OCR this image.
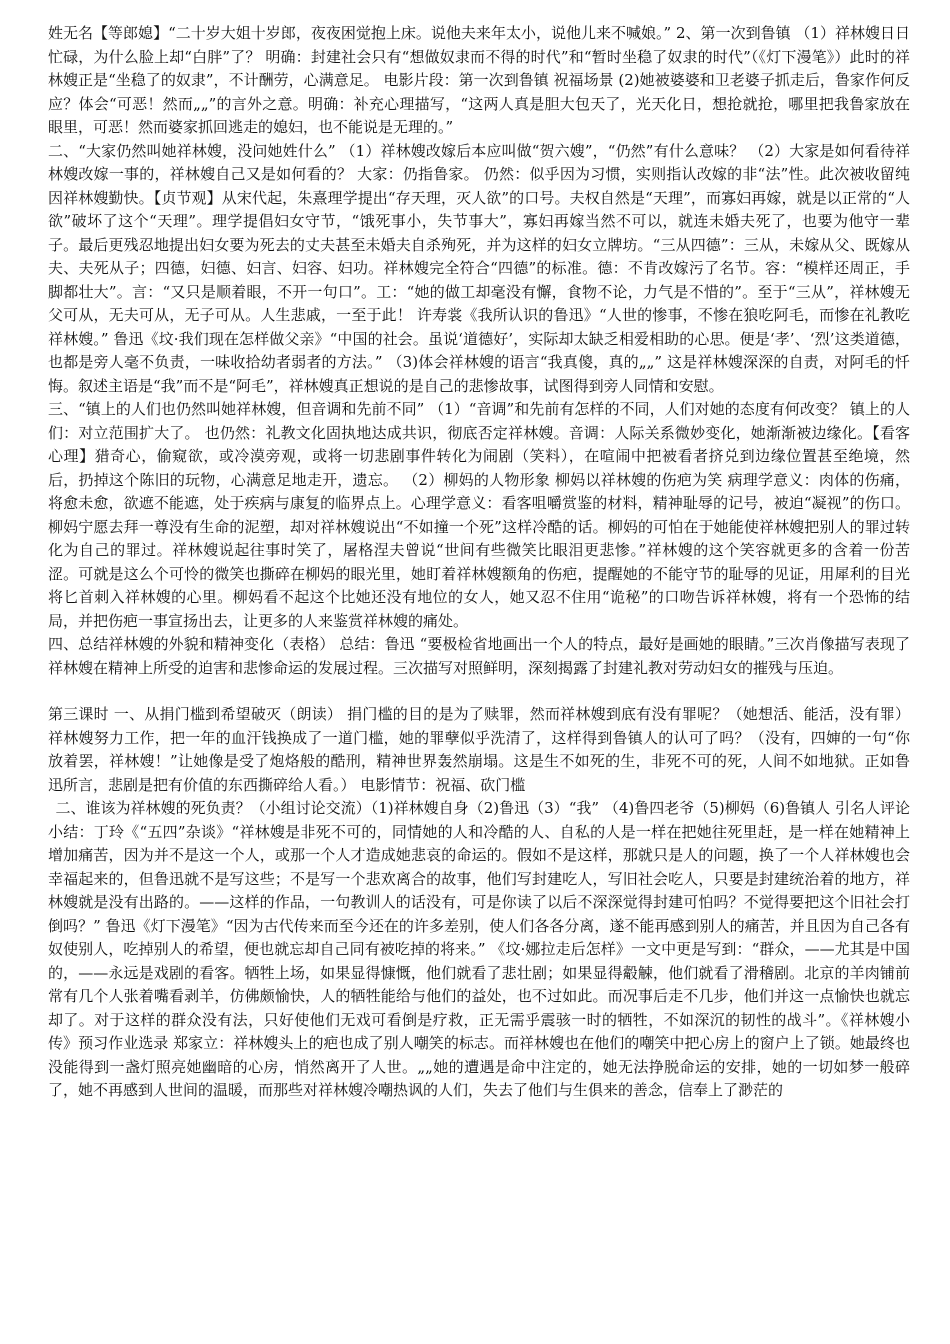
姓无名【等郎媳】“二十岁大姐十岁郎，夜夜困觉抱上床。说他夫来年太小，说他儿来不喊娘。” 2、第一次到鲁镇 （1）祥林嫂日日忙碌，为什么脸上却“白胖”了？ 明确：封建社会只有“想做奴隶而不得的时代”和“暂时坐稳了奴隶的时代”（《灯下漫笔》）此时的祥林嫂正是“坐稳了的奴隶”，不计酬劳，心满意足。 电影片段：第一次到鲁镇 祝福场景 (2)她被婆婆和卫老婆子抓走后，鲁家作何反应？体会“可恶！然而„„”的言外之意。明确：补充心理描写，“这两人真是胆大包天了，光天化日，想抢就抢，哪里把我鲁家放在眼里，可恶！然而婆家抓回逃走的媳妇，也不能说是无理的。”

二、“大家仍然叫她祥林嫂，没问她姓什么” （1）祥林嫂改嫁后本应叫做“贺六嫂”，“仍然”有什么意味？ （2）大家是如何看待祥林嫂改嫁一事的，祥林嫂自己又是如何看的？ 大家：仍指鲁家。 仍然：似乎因为习惯，实则指认改嫁的非“法”性。此次被收留纯因祥林嫂勤快。【贞节观】从宋代起，朱熹理学提出“存天理，灭人欲”的口号。夫权自然是“天理”，而寡妇再嫁，就是以正常的“人欲”破坏了这个“天理”。理学提倡妇女守节，“饿死事小，失节事大”，寡妇再嫁当然不可以，就连未婚夫死了，也要为他守一辈子。最后更残忍地提出妇女要为死去的丈夫甚至未婚夫自杀殉死，并为这样的妇女立牌坊。“三从四德”：三从，未嫁从父、既嫁从夫、夫死从子；四德，妇德、妇言、妇容、妇功。祥林嫂完全符合“四德”的标准。德：不肯改嫁污了名节。容：“模样还周正，手脚都壮大”。言：“又只是顺着眼，不开一句口”。工：“她的做工却毫没有懈，食物不论，力气是不惜的”。至于“三从”，祥林嫂无父可从，无夫可从，无子可从。人生悲戚，一至于此！ 许寿裳《我所认识的鲁迅》“人世的惨事，不惨在狼吃阿毛，而惨在礼教吃祥林嫂。” 鲁迅《坟·我们现在怎样做父亲》“中国的社会。虽说‘道德好’，实际却太缺乏相爱相助的心思。便是‘孝’、‘烈’这类道德，也都是旁人毫不负责，一味收拾幼者弱者的方法。” （3)体会祥林嫂的语言“我真傻，真的„„” 这是祥林嫂深深的自责，对阿毛的忏悔。叙述主语是“我”而不是“阿毛”，祥林嫂真正想说的是自己的悲惨故事，试图得到旁人同情和安慰。

三、“镇上的人们也仍然叫她祥林嫂，但音调和先前不同” （1）“音调”和先前有怎样的不同，人们对她的态度有何改变？ 镇上的人们：对立范围扩大了。 也仍然：礼教文化固执地达成共识，彻底否定祥林嫂。音调：人际关系微妙变化，她渐渐被边缘化。【看客心理】猎奇心，偷窥欲，或冷漠旁观，或将一切悲剧事件转化为闹剧（笑料），在喧闹中把被看者挤兑到边缘位置甚至绝境，然后，扔掉这个陈旧的玩物，心满意足地走开，遗忘。 （2）柳妈的人物形象 柳妈以祥林嫂的伤疤为笑 病理学意义：肉体的伤痛，将愈未愈，欲遮不能遮，处于疾病与康复的临界点上。心理学意义：看客咀嚼赏鉴的材料，精神耻辱的记号，被迫“凝视”的伤口。 柳妈宁愿去拜一尊没有生命的泥塑，却对祥林嫂说出“不如撞一个死”这样冷酷的话。柳妈的可怕在于她能使祥林嫂把别人的罪过转化为自己的罪过。祥林嫂说起往事时笑了，屠格涅夫曾说“世间有些微笑比眼泪更悲惨。”祥林嫂的这个笑容就更多的含着一份苦涩。可就是这么个可怜的微笑也撕碎在柳妈的眼光里，她盯着祥林嫂额角的伤疤，提醒她的不能守节的耻辱的见证，用犀利的目光将匕首刺入祥林嫂的心里。柳妈看不起这个比她还没有地位的女人，她又忍不住用“诡秘”的口吻告诉祥林嫂，将有一个恐怖的结局，并把伤疤一事宣扬出去，让更多的人来鉴赏祥林嫂的痛处。

四、总结祥林嫂的外貌和精神变化（表格） 总结：鲁迅 “要极检省地画出一个人的特点，最好是画她的眼睛。”三次肖像描写表现了祥林嫂在精神上所受的迫害和悲惨命运的发展过程。三次描写对照鲜明，深刻揭露了封建礼教对劳动妇女的摧残与压迫。

第三课时 一、从捐门槛到希望破灭（朗读） 捐门槛的目的是为了赎罪，然而祥林嫂到底有没有罪呢？（她想活、能活，没有罪）祥林嫂努力工作，把一年的血汗钱换成了一道门槛，她的罪孽似乎洗清了，这样得到鲁镇人的认可了吗？（没有，四婶的一句“你放着罢，祥林嫂！”让她像是受了炮烙般的酷刑，精神世界轰然崩塌。这是生不如死的生，非死不可的死，人间不如地狱。正如鲁迅所言，悲剧是把有价值的东西撕碎给人看。） 电影情节：祝福、砍门槛

二、谁该为祥林嫂的死负责？（小组讨论交流）（1)祥林嫂自身（2)鲁迅（3）“我” （4)鲁四老爷（5)柳妈（6)鲁镇人 引名人评论小结：丁玲《“五四”杂谈》“祥林嫂是非死不可的，同情她的人和冷酷的人、自私的人是一样在把她往死里赶，是一样在她精神上增加痛苦，因为并不是这一个人，或那一个人才造成她悲哀的命运的。假如不是这样，那就只是人的问题，换了一个人祥林嫂也会幸福起来的，但鲁迅就不是写这些；不是写一个悲欢离合的故事，他们写封建吃人，写旧社会吃人，只要是封建统治着的地方，祥林嫂就是没有出路的。——这样的作品，一句教训人的话没有，可是你读了以后不深深觉得封建可怕吗？不觉得要把这个旧社会打倒吗？” 鲁迅《灯下漫笔》“因为古代传来而至今还在的许多差别，使人们各各分离，遂不能再感到别人的痛苦，并且因为自己各有奴使别人，吃掉别人的希望，便也就忘却自己同有被吃掉的将来。” 《坟·娜拉走后怎样》一文中更是写到：“群众，——尤其是中国的，——永远是戏剧的看客。牺牲上场，如果显得慷慨，他们就看了悲壮剧；如果显得觳觫，他们就看了滑稽剧。北京的羊肉铺前常有几个人张着嘴看剥羊，仿佛颇愉快，人的牺牲能给与他们的益处，也不过如此。而况事后走不几步，他们并这一点愉快也就忘却了。对于这样的群众没有法，只好使他们无戏可看倒是疗救，正无需乎震骇一时的牺牲，不如深沉的韧性的战斗”。《祥林嫂小传》预习作业选录 郑家立：祥林嫂头上的疤也成了别人嘲笑的标志。而祥林嫂也在他们的嘲笑中把心房上的窗户上了锁。她最终也没能得到一盏灯照亮她幽暗的心房，悄然离开了人世。„„她的遭遇是命中注定的，她无法挣脱命运的安排，她的一切如梦一般碎了，她不再感到人世间的温暖，而那些对祥林嫂冷嘲热讽的人们，失去了他们与生俱来的善念，信奉上了渺茫的
